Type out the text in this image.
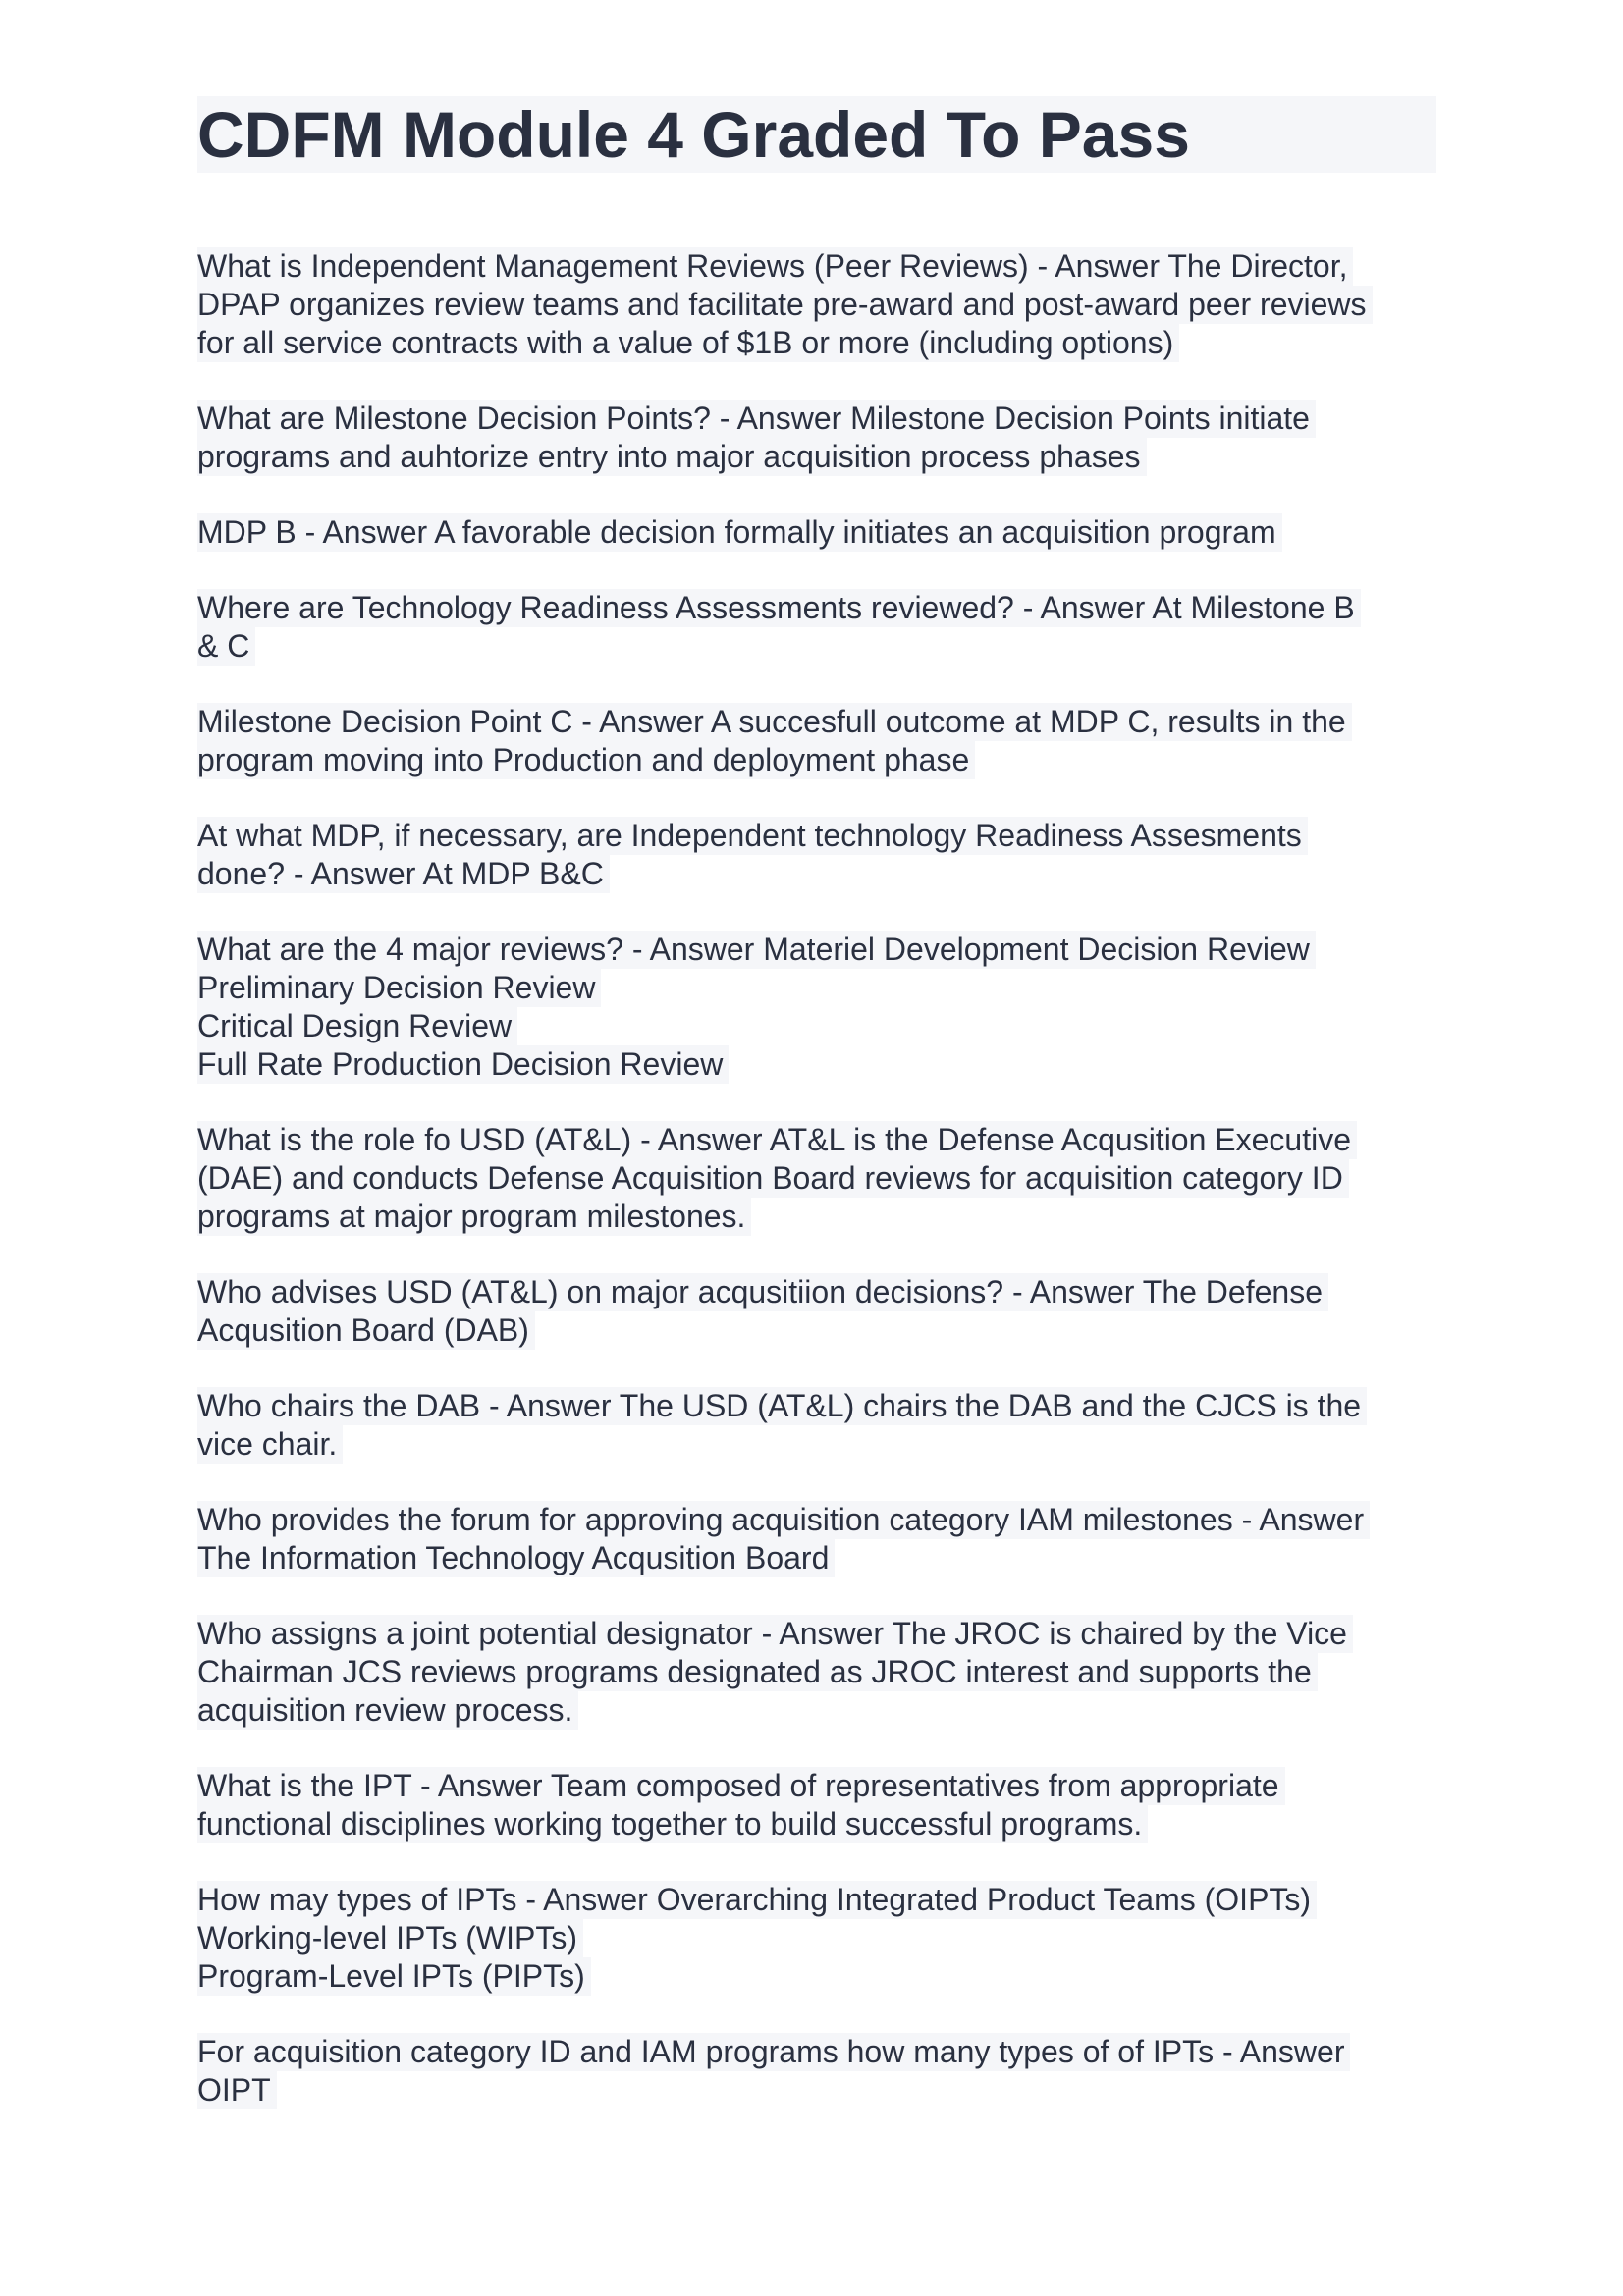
CDFM Module 4 Graded To Pass
What is Independent Management Reviews (Peer Reviews) - Answer The Director,
DPAP organizes review teams and facilitate pre-award and post-award peer reviews
for all service contracts with a value of $1B or more (including options)
What are Milestone Decision Points? - Answer Milestone Decision Points initiate
programs and auhtorize entry into major acquisition process phases
MDP B - Answer A favorable decision formally initiates an acquisition program
Where are Technology Readiness Assessments reviewed? - Answer At Milestone B
& C
Milestone Decision Point C - Answer A succesfull outcome at MDP C, results in the
program moving into Production and deployment phase
At what MDP, if necessary, are Independent technology Readiness Assesments
done? - Answer At MDP B&C
What are the 4 major reviews? - Answer Materiel Development Decision Review
Preliminary Decision Review
Critical Design Review
Full Rate Production Decision Review
What is the role fo USD (AT&L) - Answer AT&L is the Defense Acqusition Executive
(DAE) and conducts Defense Acquisition Board reviews for acquisition category ID
programs at major program milestones.
Who advises USD (AT&L) on major acqusitiion decisions? - Answer The Defense
Acqusition Board (DAB)
Who chairs the DAB - Answer The USD (AT&L) chairs the DAB and the CJCS is the
vice chair.
Who provides the forum for approving acquisition category IAM milestones - Answer
The Information Technology Acqusition Board
Who assigns a joint potential designator - Answer The JROC is chaired by the Vice
Chairman JCS reviews programs designated as JROC interest and supports the
acquisition review process.
What is the IPT - Answer Team composed of representatives from appropriate
functional disciplines working together to build successful programs.
How may types of IPTs - Answer Overarching Integrated Product Teams (OIPTs)
Working-level IPTs (WIPTs)
Program-Level IPTs (PIPTs)
For acquisition category ID and IAM programs how many types of of IPTs - Answer
OIPT
